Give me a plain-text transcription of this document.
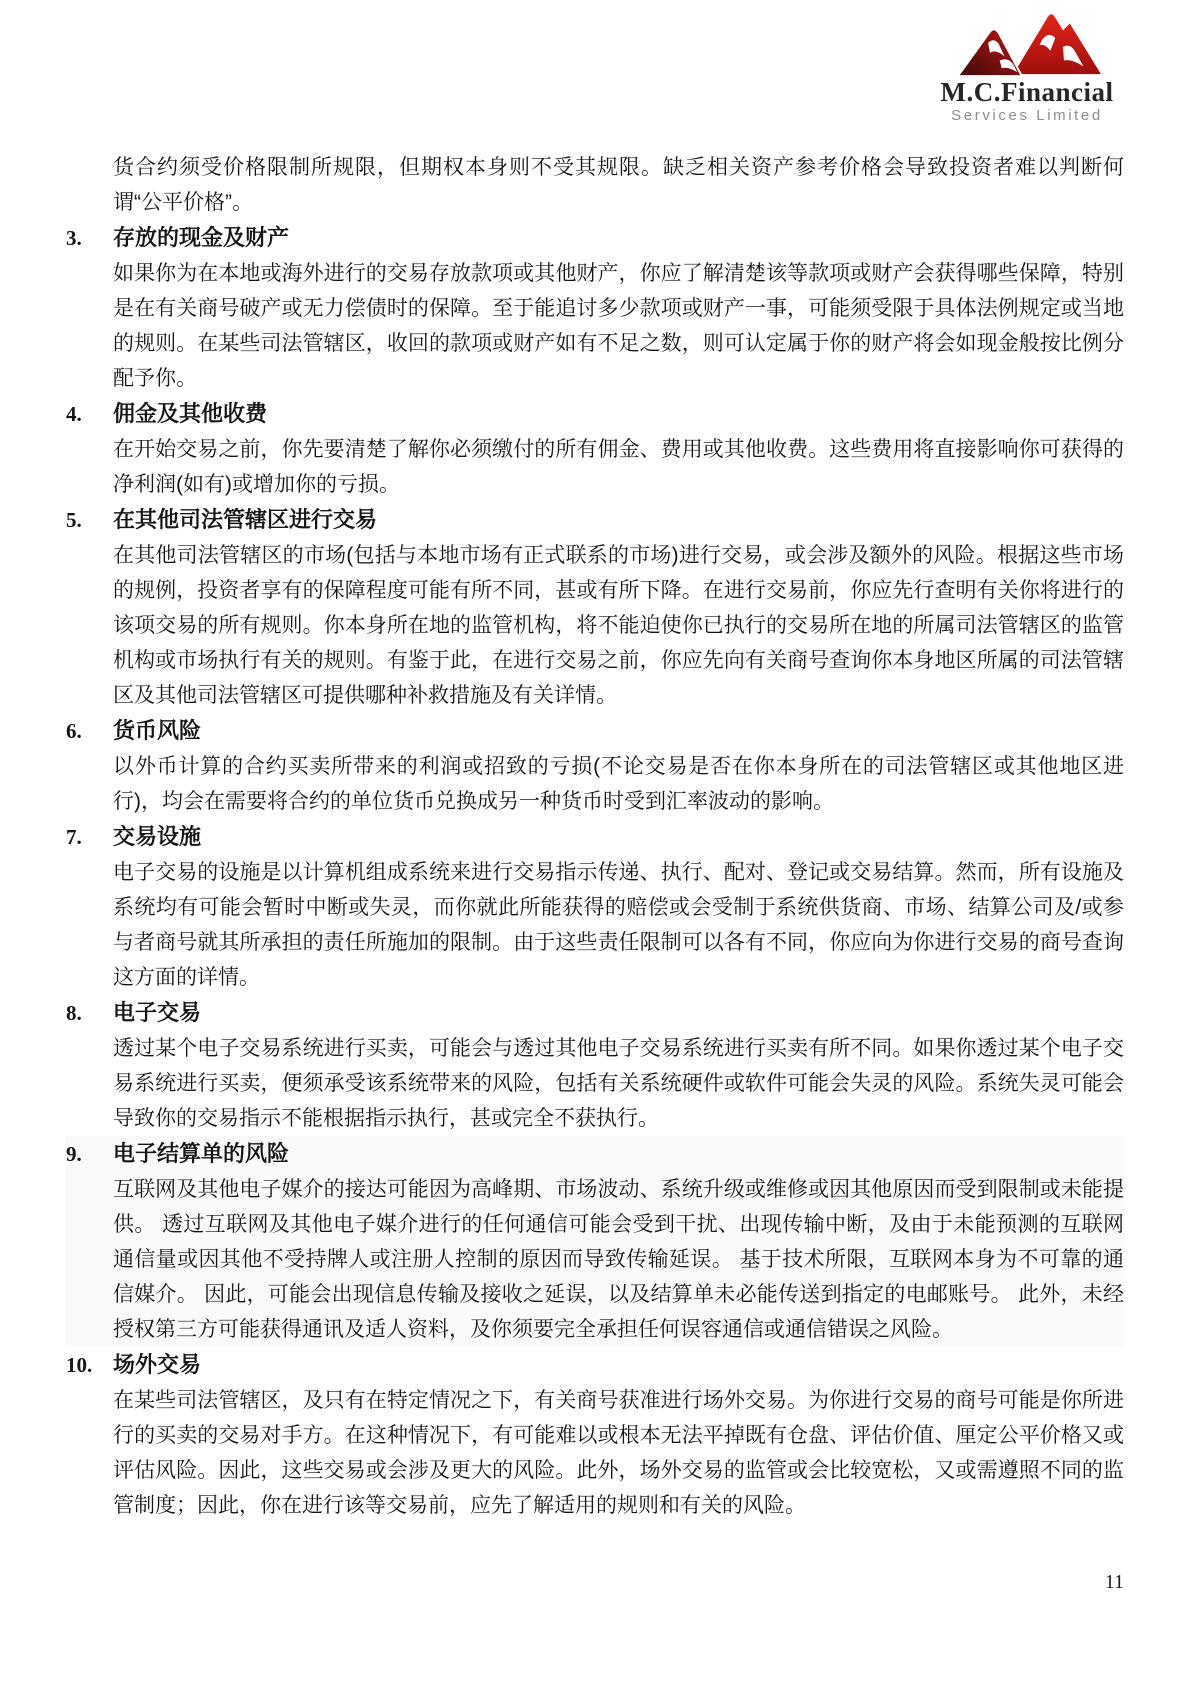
M.C.Financial
Services Limited

货合约须受价格限制所规限，但期权本身则不受其规限。缺乏相关资产参考价格会导致投资者难以判断何谓“公平价格”。

3.	存放的现金及财产

如果你为在本地或海外进行的交易存放款项或其他财产，你应了解清楚该等款项或财产会获得哪些保障，特别是在有关商号破产或无力偿债时的保障。至于能追讨多少款项或财产一事，可能须受限于具体法例规定或当地的规则。在某些司法管辖区，收回的款项或财产如有不足之数，则可认定属于你的财产将会如现金般按比例分配予你。

4.	佣金及其他收费

在开始交易之前，你先要清楚了解你必须缴付的所有佣金、费用或其他收费。这些费用将直接影响你可获得的净利润(如有)或增加你的亏损。

5.	在其他司法管辖区进行交易

在其他司法管辖区的市场(包括与本地市场有正式联系的市场)进行交易，或会涉及额外的风险。根据这些市场的规例，投资者享有的保障程度可能有所不同，甚或有所下降。在进行交易前，你应先行查明有关你将进行的该项交易的所有规则。你本身所在地的监管机构，将不能迫使你已执行的交易所在地的所属司法管辖区的监管机构或市场执行有关的规则。有鉴于此，在进行交易之前，你应先向有关商号查询你本身地区所属的司法管辖区及其他司法管辖区可提供哪种补救措施及有关详情。

6.	货币风险

以外币计算的合约买卖所带来的利润或招致的亏损(不论交易是否在你本身所在的司法管辖区或其他地区进行)，均会在需要将合约的单位货币兑换成另一种货币时受到汇率波动的影响。

7.	交易设施

电子交易的设施是以计算机组成系统来进行交易指示传递、执行、配对、登记或交易结算。然而，所有设施及系统均有可能会暂时中断或失灵，而你就此所能获得的赔偿或会受制于系统供货商、市场、结算公司及/或参与者商号就其所承担的责任所施加的限制。由于这些责任限制可以各有不同，你应向为你进行交易的商号查询这方面的详情。

8.	电子交易

透过某个电子交易系统进行买卖，可能会与透过其他电子交易系统进行买卖有所不同。如果你透过某个电子交易系统进行买卖，便须承受该系统带来的风险，包括有关系统硬件或软件可能会失灵的风险。系统失灵可能会导致你的交易指示不能根据指示执行，甚或完全不获执行。

9.	电子结算单的风险

互联网及其他电子媒介的接达可能因为高峰期、市场波动、系统升级或维修或因其他原因而受到限制或未能提供。 透过互联网及其他电子媒介进行的任何通信可能会受到干扰、出现传输中断，及由于未能预测的互联网通信量或因其他不受持牌人或注册人控制的原因而导致传输延误。 基于技术所限，互联网本身为不可靠的通信媒介。 因此，可能会出现信息传输及接收之延误，以及结算单未必能传送到指定的电邮账号。 此外，未经授权第三方可能获得通讯及适人资料，及你须要完全承担任何误容通信或通信错误之风险。

10. 场外交易

在某些司法管辖区，及只有在特定情况之下，有关商号获准进行场外交易。为你进行交易的商号可能是你所进行的买卖的交易对手方。在这种情况下，有可能难以或根本无法平掉既有仓盘、评估价值、厘定公平价格又或评估风险。因此，这些交易或会涉及更大的风险。此外，场外交易的监管或会比较宽松，又或需遵照不同的监管制度；因此，你在进行该等交易前，应先了解适用的规则和有关的风险。

11
